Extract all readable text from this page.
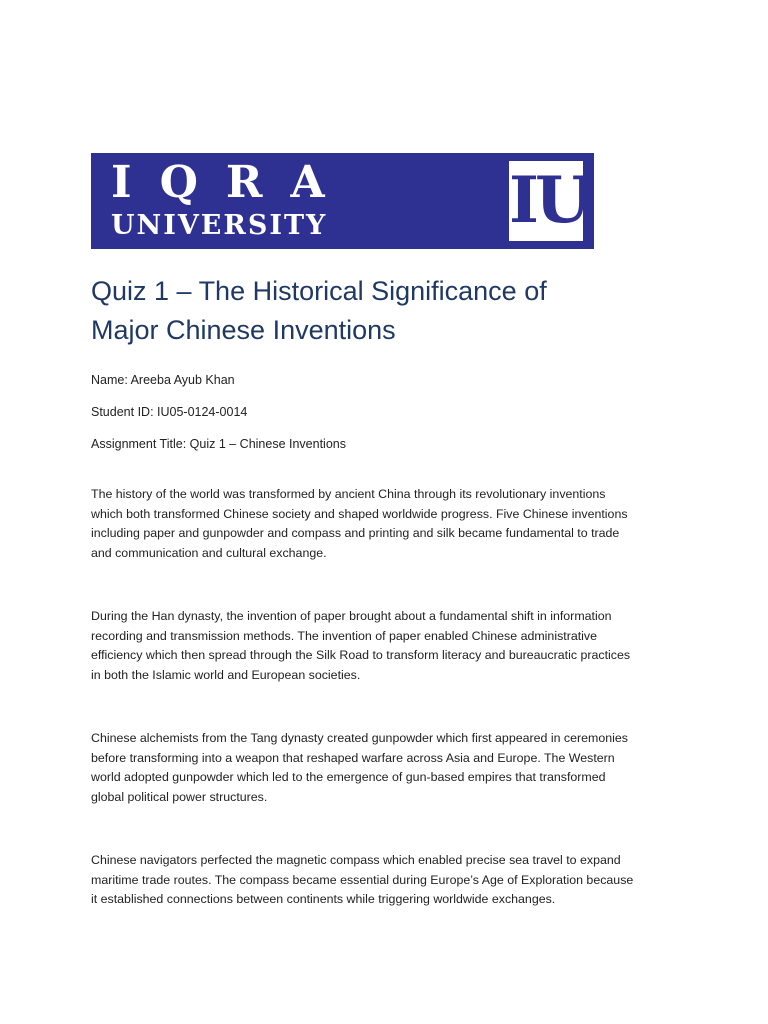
IQRA
UNIVERSITY	IU
Quiz 1 – The Historical Significance of
Major Chinese Inventions
Name: Areeba Ayub Khan
Student ID: IU05-0124-0014
Assignment Title: Quiz 1 – Chinese Inventions

The history of the world was transformed by ancient China through its revolutionary inventions
which both transformed Chinese society and shaped worldwide progress. Five Chinese inventions
including paper and gunpowder and compass and printing and silk became fundamental to trade
and communication and cultural exchange.

During the Han dynasty, the invention of paper brought about a fundamental shift in information
recording and transmission methods. The invention of paper enabled Chinese administrative
efficiency which then spread through the Silk Road to transform literacy and bureaucratic practices
in both the Islamic world and European societies.

Chinese alchemists from the Tang dynasty created gunpowder which first appeared in ceremonies
before transforming into a weapon that reshaped warfare across Asia and Europe. The Western
world adopted gunpowder which led to the emergence of gun-based empires that transformed
global political power structures.

Chinese navigators perfected the magnetic compass which enabled precise sea travel to expand
maritime trade routes. The compass became essential during Europe’s Age of Exploration because
it established connections between continents while triggering worldwide exchanges.
